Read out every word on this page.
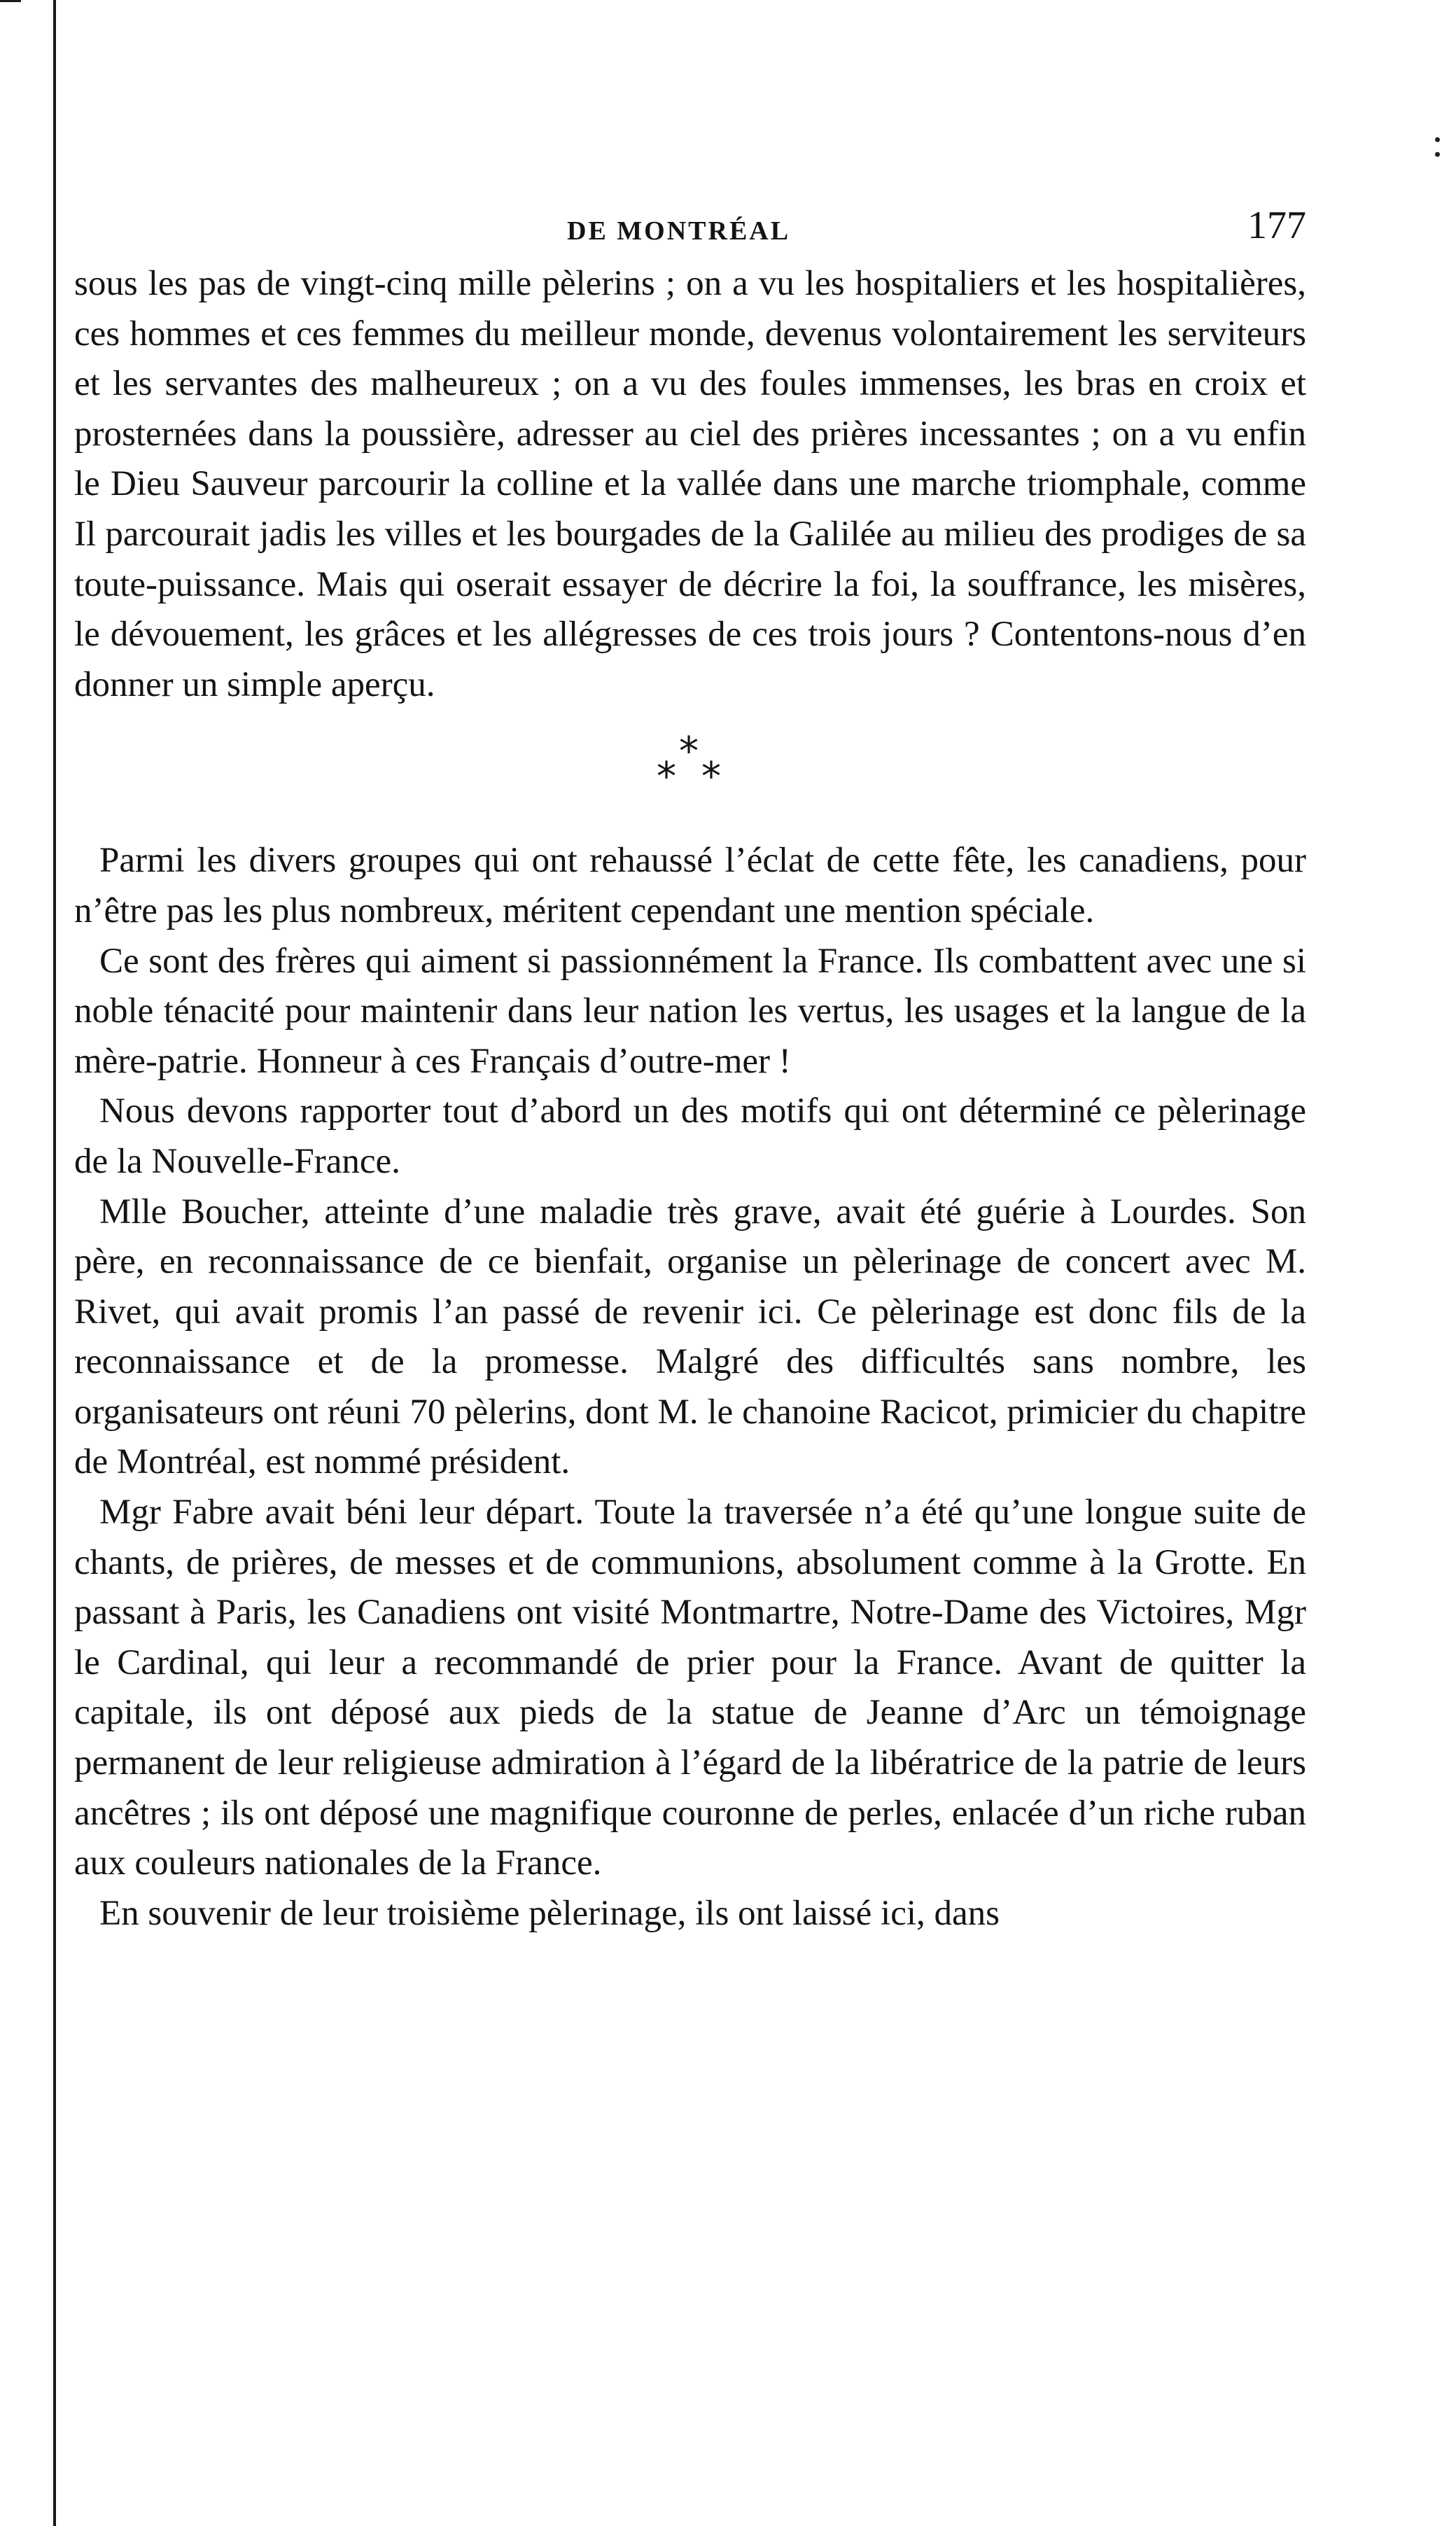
DE MONTRÉAL	177

sous les pas de vingt-cinq mille pèlerins ; on a vu les hospitaliers et les hospitalières, ces hommes et ces femmes du meilleur monde, devenus volontairement les serviteurs et les servantes des malheureux ; on a vu des foules immenses, les bras en croix et prosternées dans la poussière, adresser au ciel des prières incessantes ; on a vu enfin le Dieu Sauveur parcourir la colline et la vallée dans une marche triomphale, comme Il parcourait jadis les villes et les bourgades de la Galilée au milieu des prodiges de sa toute-puissance. Mais qui oserait essayer de décrire la foi, la souffrance, les misères, le dévouement, les grâces et les allégresses de ces trois jours ? Contentons-nous d’en donner un simple aperçu.

*
* *

Parmi les divers groupes qui ont rehaussé l’éclat de cette fête, les canadiens, pour n’être pas les plus nombreux, méritent cependant une mention spéciale.

Ce sont des frères qui aiment si passionnément la France. Ils combattent avec une si noble ténacité pour maintenir dans leur nation les vertus, les usages et la langue de la mère-patrie. Honneur à ces Français d’outre-mer !

Nous devons rapporter tout d’abord un des motifs qui ont déterminé ce pèlerinage de la Nouvelle-France.

Mlle Boucher, atteinte d’une maladie très grave, avait été guérie à Lourdes. Son père, en reconnaissance de ce bienfait, organise un pèlerinage de concert avec M. Rivet, qui avait promis l’an passé de revenir ici. Ce pèlerinage est donc fils de la reconnaissance et de la promesse. Malgré des difficultés sans nombre, les organisateurs ont réuni 70 pèlerins, dont M. le chanoine Racicot, primicier du chapitre de Montréal, est nommé président.

Mgr Fabre avait béni leur départ. Toute la traversée n’a été qu’une longue suite de chants, de prières, de messes et de communions, absolument comme à la Grotte. En passant à Paris, les Canadiens ont visité Montmartre, Notre-Dame des Victoires, Mgr le Cardinal, qui leur a recommandé de prier pour la France. Avant de quitter la capitale, ils ont déposé aux pieds de la statue de Jeanne d’Arc un témoignage permanent de leur religieuse admiration à l’égard de la libératrice de la patrie de leurs ancêtres ; ils ont déposé une magnifique couronne de perles, enlacée d’un riche ruban aux couleurs nationales de la France.

En souvenir de leur troisième pèlerinage, ils ont laissé ici, dans
